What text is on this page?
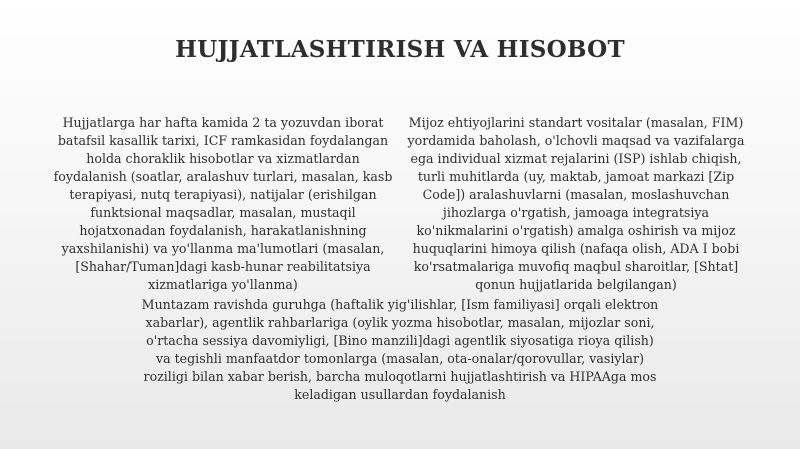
HUJJATLASHTIRISH VA HISOBOT
Hujjatlarga har hafta kamida 2 ta yozuvdan iborat batafsil kasallik tarixi, ICF ramkasidan foydalangan holda choraklik hisobotlar va xizmatlardan foydalanish (soatlar, aralashuv turlari, masalan, kasb terapiyasi, nutq terapiyasi), natijalar (erishilgan funktsional maqsadlar, masalan, mustaqil hojatxonadan foydalanish, harakatlanishning yaxshilanishi) va yo'llanma ma'lumotlari (masalan, [Shahar/Tuman]dagi kasb-hunar reabilitatsiya xizmatlariga yo'llanma)
Mijoz ehtiyojlarini standart vositalar (masalan, FIM) yordamida baholash, o'lchovli maqsad va vazifalarga ega individual xizmat rejalarini (ISP) ishlab chiqish, turli muhitlarda (uy, maktab, jamoat markazi [Zip Code]) aralashuvlarni (masalan, moslashuvchan jihozlarga o'rgatish, jamoaga integratsiya ko'nikmalarini o'rgatish) amalga oshirish va mijoz huquqlarini himoya qilish (nafaqa olish, ADA I bobi ko'rsatmalariga muvofiq maqbul sharoitlar, [Shtat] qonun hujjatlarida belgilangan)
Muntazam ravishda guruhga (haftalik yig'ilishlar, [Ism familiyasi] orqali elektron xabarlar), agentlik rahbarlariga (oylik yozma hisobotlar, masalan, mijozlar soni, o'rtacha sessiya davomiyligi, [Bino manzili]dagi agentlik siyosatiga rioya qilish) va tegishli manfaatdor tomonlarga (masalan, ota-onalar/qorovullar, vasiylar) roziligi bilan xabar berish, barcha muloqotlarni hujjatlashtirish va HIPAAga mos keladigan usullardan foydalanish
